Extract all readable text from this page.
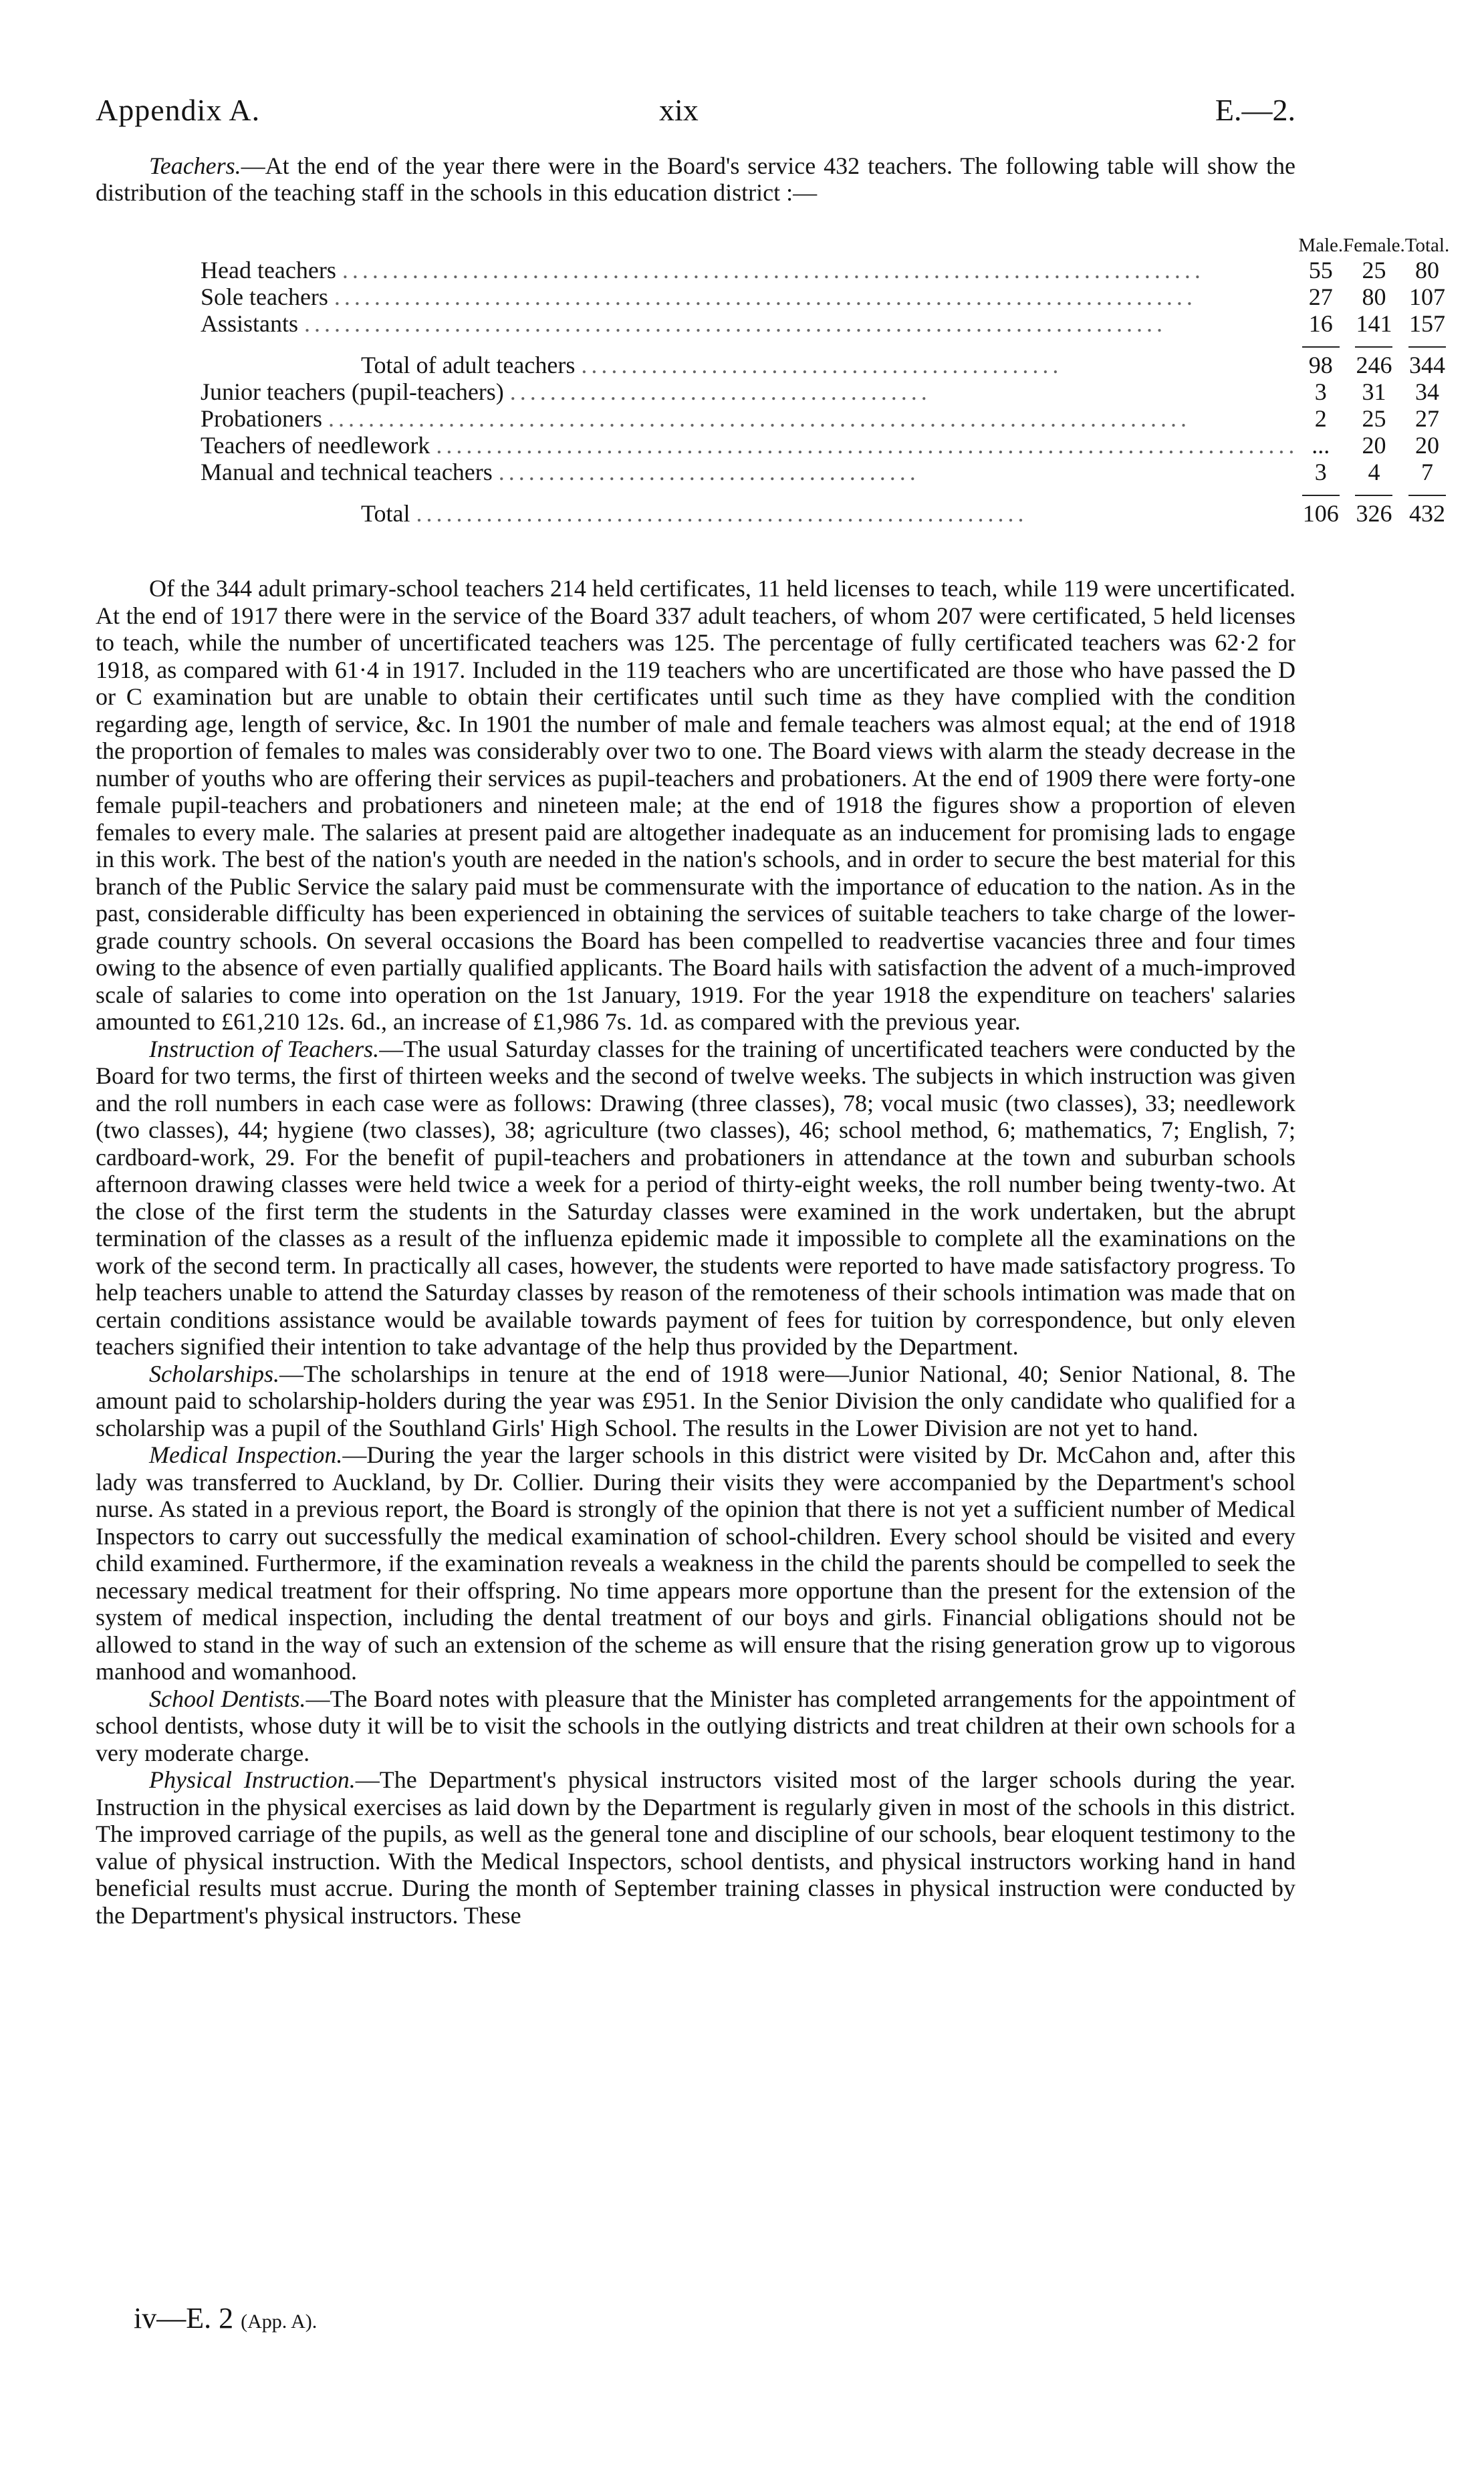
Appendix A.	xix	E.—2.

Teachers.—At the end of the year there were in the Board's service 432 teachers. The following table will show the distribution of the teaching staff in the schools in this education district :—

	Male.	Female.	Total.
Head teachers ......................................................................................	55	25	80
Sole teachers ......................................................................................	27	80	107
Assistants ......................................................................................	16	141	157

Total of adult teachers ................................................	98	246	344
Junior teachers (pupil-teachers) ..........................................	3	31	34
Probationers ......................................................................................	2	25	27
Teachers of needlework ......................................................................................	...	20	20
Manual and technical teachers ..........................................	3	4	7

Total .............................................................	106	326	432

Of the 344 adult primary-school teachers 214 held certificates, 11 held licenses to teach, while 119 were uncertificated. At the end of 1917 there were in the service of the Board 337 adult teachers, of whom 207 were certificated, 5 held licenses to teach, while the number of uncertificated teachers was 125. The percentage of fully certificated teachers was 62·2 for 1918, as compared with 61·4 in 1917. Included in the 119 teachers who are uncertificated are those who have passed the D or C examination but are unable to obtain their certificates until such time as they have complied with the condition regarding age, length of service, &c. In 1901 the number of male and female teachers was almost equal; at the end of 1918 the proportion of females to males was considerably over two to one. The Board views with alarm the steady decrease in the number of youths who are offering their services as pupil-teachers and probationers. At the end of 1909 there were forty-one female pupil-teachers and probationers and nineteen male; at the end of 1918 the figures show a proportion of eleven females to every male. The salaries at present paid are altogether inadequate as an inducement for promising lads to engage in this work. The best of the nation's youth are needed in the nation's schools, and in order to secure the best material for this branch of the Public Service the salary paid must be commensurate with the importance of education to the nation. As in the past, considerable difficulty has been experienced in obtaining the services of suitable teachers to take charge of the lower-grade country schools. On several occasions the Board has been compelled to readvertise vacancies three and four times owing to the absence of even partially qualified applicants. The Board hails with satisfaction the advent of a much-improved scale of salaries to come into operation on the 1st January, 1919. For the year 1918 the expenditure on teachers' salaries amounted to £61,210 12s. 6d., an increase of £1,986 7s. 1d. as compared with the previous year.

Instruction of Teachers.—The usual Saturday classes for the training of uncertificated teachers were conducted by the Board for two terms, the first of thirteen weeks and the second of twelve weeks. The subjects in which instruction was given and the roll numbers in each case were as follows: Drawing (three classes), 78; vocal music (two classes), 33; needlework (two classes), 44; hygiene (two classes), 38; agriculture (two classes), 46; school method, 6; mathematics, 7; English, 7; cardboard-work, 29. For the benefit of pupil-teachers and probationers in attendance at the town and suburban schools afternoon drawing classes were held twice a week for a period of thirty-eight weeks, the roll number being twenty-two. At the close of the first term the students in the Saturday classes were examined in the work undertaken, but the abrupt termination of the classes as a result of the influenza epidemic made it impossible to complete all the examinations on the work of the second term. In practically all cases, however, the students were reported to have made satisfactory progress. To help teachers unable to attend the Saturday classes by reason of the remoteness of their schools intimation was made that on certain conditions assistance would be available towards payment of fees for tuition by correspondence, but only eleven teachers signified their intention to take advantage of the help thus provided by the Department.

Scholarships.—The scholarships in tenure at the end of 1918 were—Junior National, 40; Senior National, 8. The amount paid to scholarship-holders during the year was £951. In the Senior Division the only candidate who qualified for a scholarship was a pupil of the Southland Girls' High School. The results in the Lower Division are not yet to hand.

Medical Inspection.—During the year the larger schools in this district were visited by Dr. McCahon and, after this lady was transferred to Auckland, by Dr. Collier. During their visits they were accompanied by the Department's school nurse. As stated in a previous report, the Board is strongly of the opinion that there is not yet a sufficient number of Medical Inspectors to carry out successfully the medical examination of school-children. Every school should be visited and every child examined. Furthermore, if the examination reveals a weakness in the child the parents should be compelled to seek the necessary medical treatment for their offspring. No time appears more opportune than the present for the extension of the system of medical inspection, including the dental treatment of our boys and girls. Financial obligations should not be allowed to stand in the way of such an extension of the scheme as will ensure that the rising generation grow up to vigorous manhood and womanhood.

School Dentists.—The Board notes with pleasure that the Minister has completed arrangements for the appointment of school dentists, whose duty it will be to visit the schools in the outlying districts and treat children at their own schools for a very moderate charge.

Physical Instruction.—The Department's physical instructors visited most of the larger schools during the year. Instruction in the physical exercises as laid down by the Department is regularly given in most of the schools in this district. The improved carriage of the pupils, as well as the general tone and discipline of our schools, bear eloquent testimony to the value of physical instruction. With the Medical Inspectors, school dentists, and physical instructors working hand in hand beneficial results must accrue. During the month of September training classes in physical instruction were conducted by the Department's physical instructors. These

iv—E. 2 (App. A).
